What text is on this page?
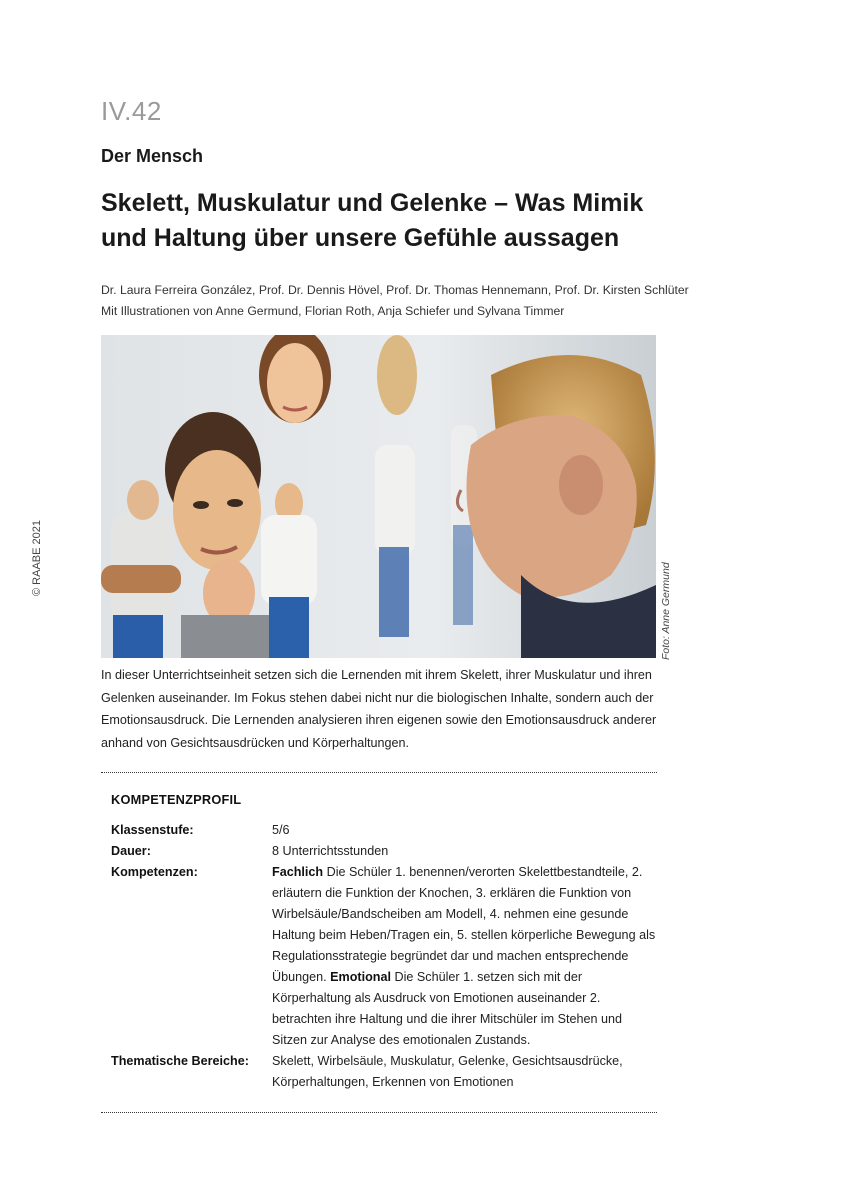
IV.42
Der Mensch
Skelett, Muskulatur und Gelenke – Was Mimik und Haltung über unsere Gefühle aussagen
Dr. Laura Ferreira González, Prof. Dr. Dennis Hövel, Prof. Dr. Thomas Hennemann, Prof. Dr. Kirsten Schlüter
Mit Illustrationen von Anne Germund, Florian Roth, Anja Schiefer und Sylvana Timmer
© RAABE 2021
Foto: Anne Germund
In dieser Unterrichtseinheit setzen sich die Lernenden mit ihrem Skelett, ihrer Muskulatur und ihren Gelenken auseinander. Im Fokus stehen dabei nicht nur die biologischen Inhalte, sondern auch der Emotionsausdruck. Die Lernenden analysieren ihren eigenen sowie den Emotionsausdruck anderer anhand von Gesichtsausdrücken und Körperhaltungen.
KOMPETENZPROFIL
Klassenstufe:	5/6
Dauer:	8 Unterrichtsstunden
Kompetenzen:	Fachlich Die Schüler 1. benennen/verorten Skelettbestandteile, 2. erläutern die Funktion der Knochen, 3. erklären die Funktion von Wirbelsäule/Bandscheiben am Modell, 4. nehmen eine gesunde Haltung beim Heben/Tragen ein, 5. stellen körperliche Bewegung als Regulationsstrategie begründet dar und machen entsprechende Übungen. Emotional Die Schüler 1. setzen sich mit der Körperhaltung als Ausdruck von Emotionen auseinander 2. betrachten ihre Haltung und die ihrer Mitschüler im Stehen und Sitzen zur Analyse des emotionalen Zustands.
Thematische Bereiche: Skelett, Wirbelsäule, Muskulatur, Gelenke, Gesichtsausdrücke, Körperhaltungen, Erkennen von Emotionen
